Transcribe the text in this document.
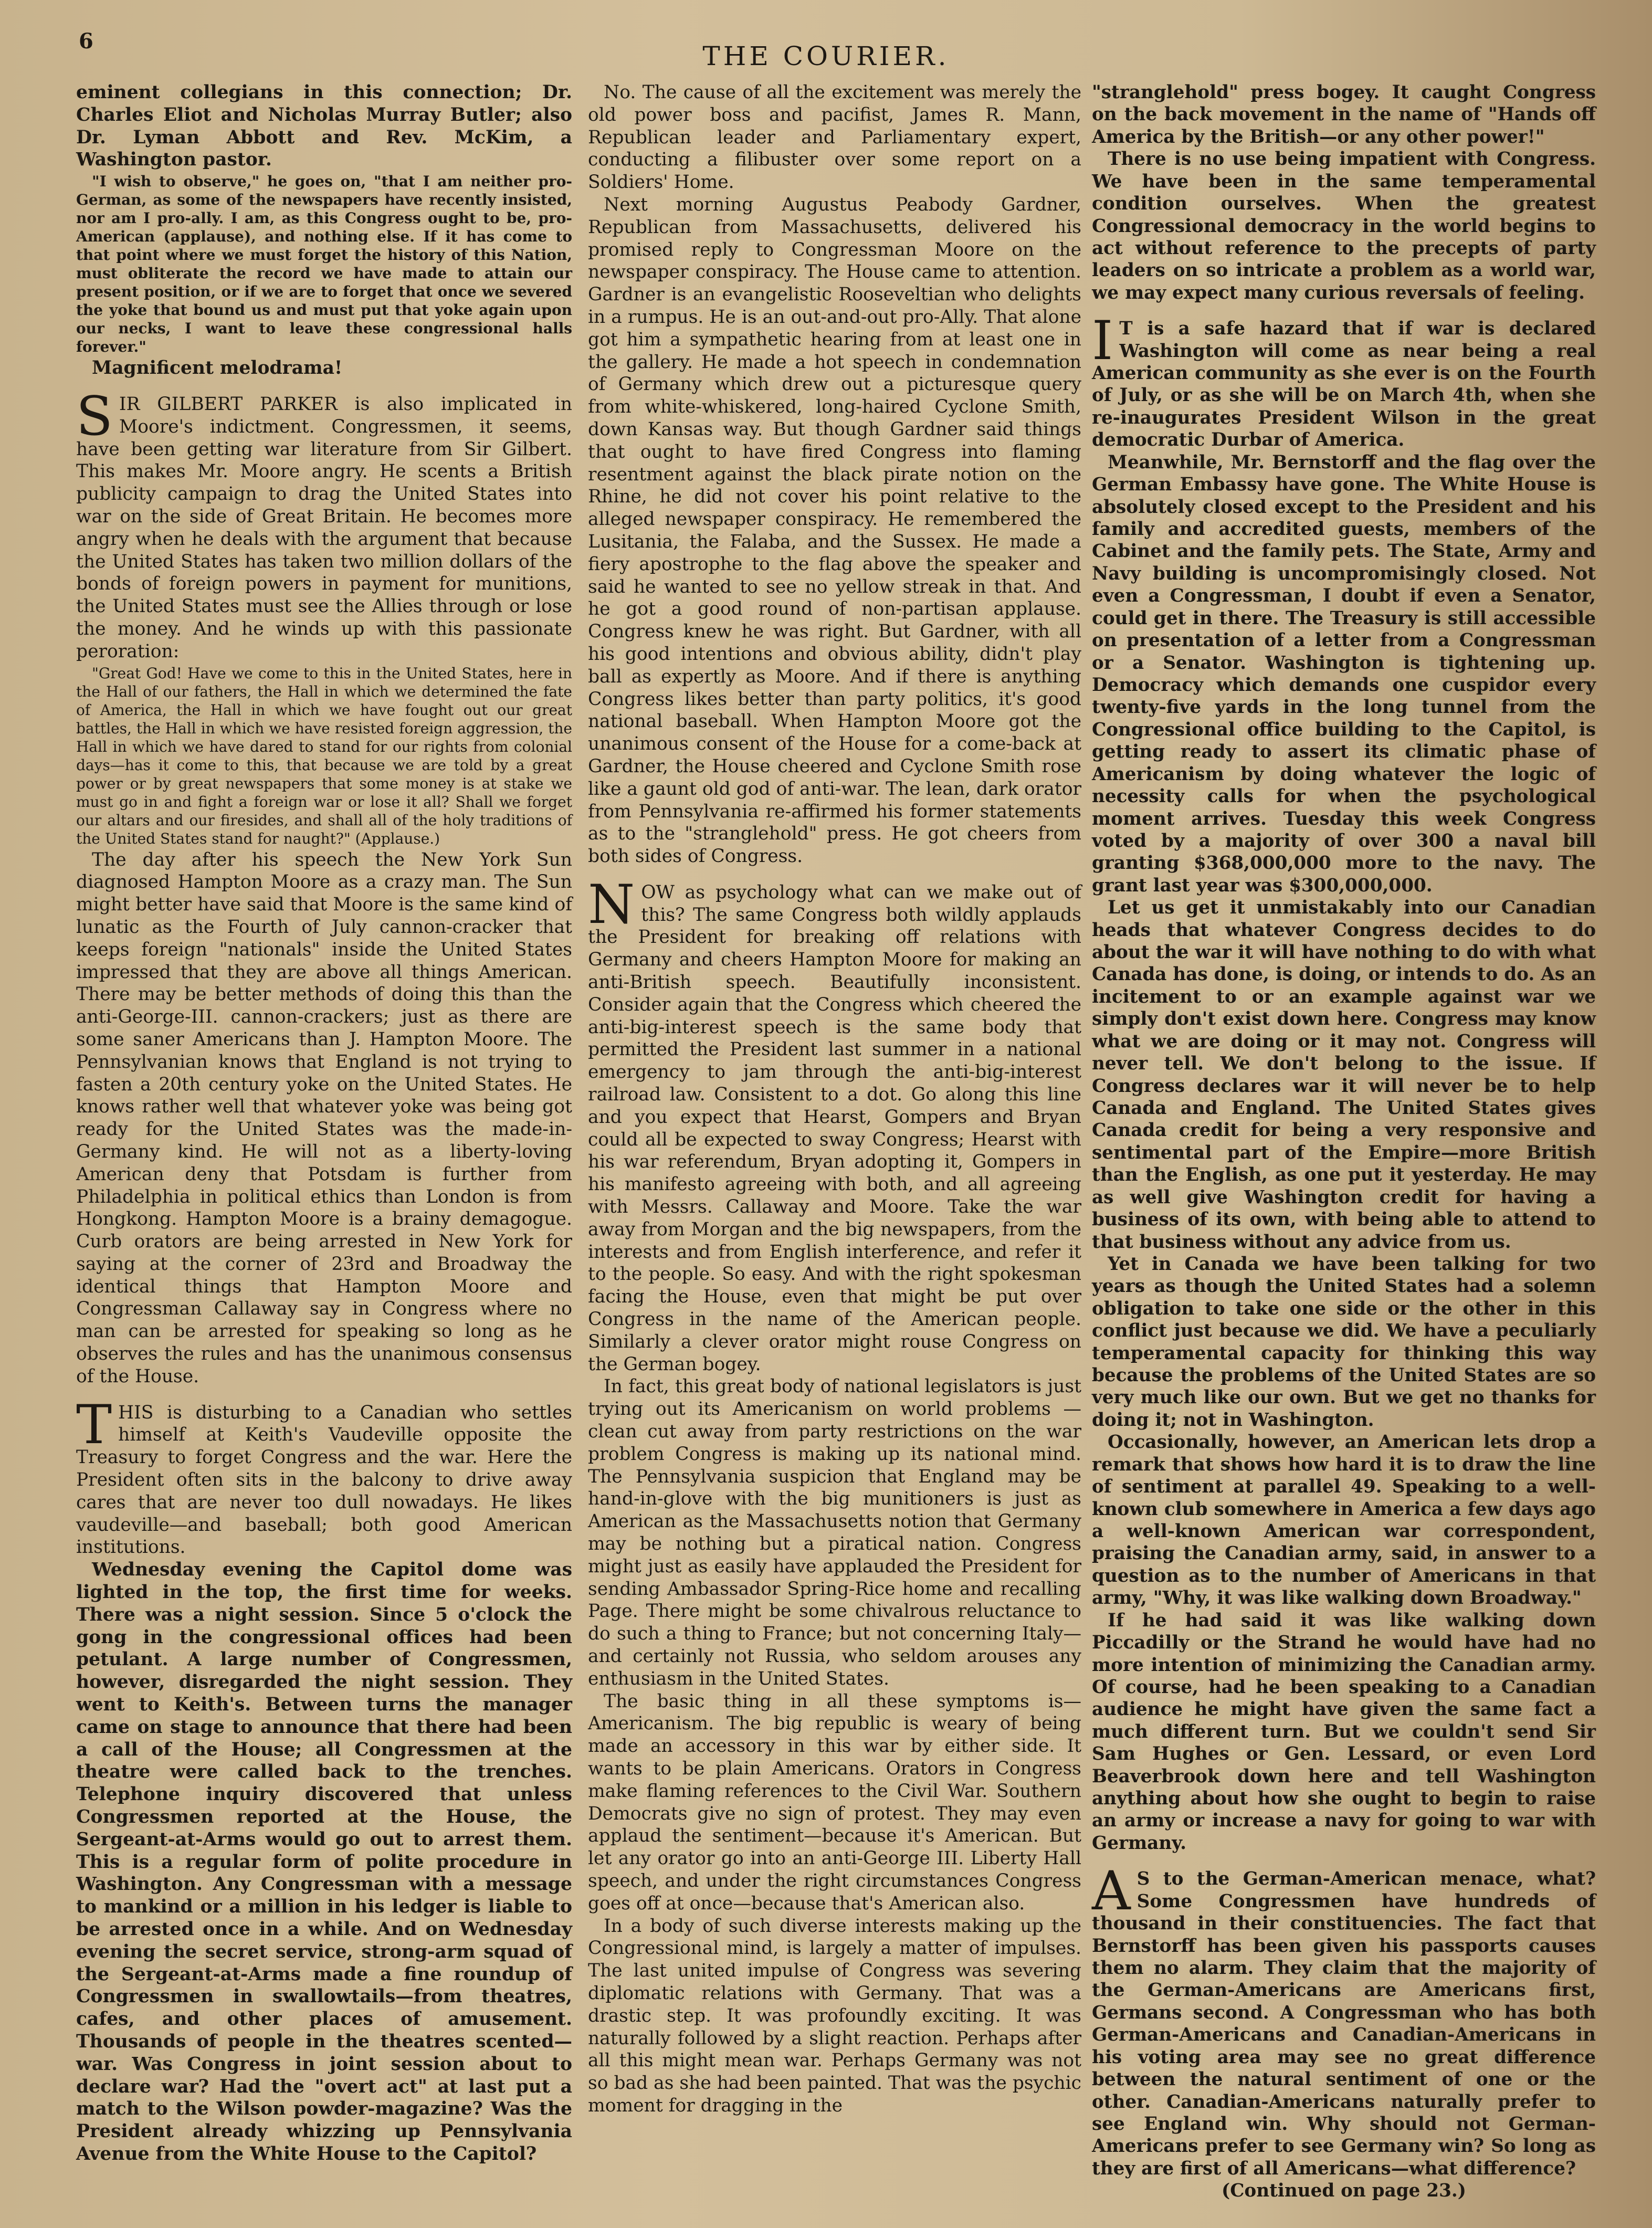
6	THE COURIER.

eminent collegians in this connection; Dr. Charles Eliot and Nicholas Murray Butler; also Dr. Lyman Abbott and Rev. McKim, a Washington pastor.

"I wish to observe," he goes on, "that I am neither pro-German, as some of the newspapers have recently insisted, nor am I pro-ally. I am, as this Congress ought to be, pro-American (applause), and nothing else. If it has come to that point where we must forget the history of this Nation, must obliterate the record we have made to attain our present position, or if we are to forget that once we severed the yoke that bound us and must put that yoke again upon our necks, I want to leave these congressional halls forever."

Magnificent melodrama!

SIR GILBERT PARKER is also implicated in Moore's indictment. Congressmen, it seems, have been getting war literature from Sir Gilbert. This makes Mr. Moore angry. He scents a British publicity campaign to drag the United States into war on the side of Great Britain. He becomes more angry when he deals with the argument that because the United States has taken two million dollars of the bonds of foreign powers in payment for munitions, the United States must see the Allies through or lose the money. And he winds up with this passionate peroration:

"Great God! Have we come to this in the United States, here in the Hall of our fathers, the Hall in which we determined the fate of America, the Hall in which we have fought out our great battles, the Hall in which we have resisted foreign aggression, the Hall in which we have dared to stand for our rights from colonial days—has it come to this, that because we are told by a great power or by great newspapers that some money is at stake we must go in and fight a foreign war or lose it all? Shall we forget our altars and our firesides, and shall all of the holy traditions of the United States stand for naught?" (Applause.)

The day after his speech the New York Sun diagnosed Hampton Moore as a crazy man. The Sun might better have said that Moore is the same kind of lunatic as the Fourth of July cannon-cracker that keeps foreign "nationals" inside the United States impressed that they are above all things American. There may be better methods of doing this than the anti-George-III. cannon-crackers; just as there are some saner Americans than J. Hampton Moore. The Pennsylvanian knows that England is not trying to fasten a 20th century yoke on the United States. He knows rather well that whatever yoke was being got ready for the United States was the made-in-Germany kind. He will not as a liberty-loving American deny that Potsdam is further from Philadelphia in political ethics than London is from Hongkong. Hampton Moore is a brainy demagogue. Curb orators are being arrested in New York for saying at the corner of 23rd and Broadway the identical things that Hampton Moore and Congressman Callaway say in Congress where no man can be arrested for speaking so long as he observes the rules and has the unanimous consensus of the House.

THIS is disturbing to a Canadian who settles himself at Keith's Vaudeville opposite the Treasury to forget Congress and the war. Here the President often sits in the balcony to drive away cares that are never too dull nowadays. He likes vaudeville—and baseball; both good American institutions.

Wednesday evening the Capitol dome was lighted in the top, the first time for weeks. There was a night session. Since 5 o'clock the gong in the congressional offices had been petulant. A large number of Congressmen, however, disregarded the night session. They went to Keith's. Between turns the manager came on stage to announce that there had been a call of the House; all Congressmen at the theatre were called back to the trenches. Telephone inquiry discovered that unless Congressmen reported at the House, the Sergeant-at-Arms would go out to arrest them. This is a regular form of polite procedure in Washington. Any Congressman with a message to mankind or a million in his ledger is liable to be arrested once in a while. And on Wednesday evening the secret service, strong-arm squad of the Sergeant-at-Arms made a fine roundup of Congressmen in swallowtails—from theatres, cafes, and other places of amusement. Thousands of people in the theatres scented—war. Was Congress in joint session about to declare war? Had the "overt act" at last put a match to the Wilson powder-magazine? Was the President already whizzing up Pennsylvania Avenue from the White House to the Capitol?

No. The cause of all the excitement was merely the old power boss and pacifist, James R. Mann, Republican leader and Parliamentary expert, conducting a filibuster over some report on a Soldiers' Home.

Next morning Augustus Peabody Gardner, Republican from Massachusetts, delivered his promised reply to Congressman Moore on the newspaper conspiracy. The House came to attention. Gardner is an evangelistic Rooseveltian who delights in a rumpus. He is an out-and-out pro-Ally. That alone got him a sympathetic hearing from at least one in the gallery. He made a hot speech in condemnation of Germany which drew out a picturesque query from white-whiskered, long-haired Cyclone Smith, down Kansas way. But though Gardner said things that ought to have fired Congress into flaming resentment against the black pirate notion on the Rhine, he did not cover his point relative to the alleged newspaper conspiracy. He remembered the Lusitania, the Falaba, and the Sussex. He made a fiery apostrophe to the flag above the speaker and said he wanted to see no yellow streak in that. And he got a good round of non-partisan applause. Congress knew he was right. But Gardner, with all his good intentions and obvious ability, didn't play ball as expertly as Moore. And if there is anything Congress likes better than party politics, it's good national baseball. When Hampton Moore got the unanimous consent of the House for a come-back at Gardner, the House cheered and Cyclone Smith rose like a gaunt old god of anti-war. The lean, dark orator from Pennsylvania re-affirmed his former statements as to the "stranglehold" press. He got cheers from both sides of Congress.

NOW as psychology what can we make out of this? The same Congress both wildly applauds the President for breaking off relations with Germany and cheers Hampton Moore for making an anti-British speech. Beautifully inconsistent. Consider again that the Congress which cheered the anti-big-interest speech is the same body that permitted the President last summer in a national emergency to jam through the anti-big-interest railroad law. Consistent to a dot. Go along this line and you expect that Hearst, Gompers and Bryan could all be expected to sway Congress; Hearst with his war referendum, Bryan adopting it, Gompers in his manifesto agreeing with both, and all agreeing with Messrs. Callaway and Moore. Take the war away from Morgan and the big newspapers, from the interests and from English interference, and refer it to the people. So easy. And with the right spokesman facing the House, even that might be put over Congress in the name of the American people. Similarly a clever orator might rouse Congress on the German bogey.

In fact, this great body of national legislators is just trying out its Americanism on world problems —clean cut away from party restrictions on the war problem Congress is making up its national mind. The Pennsylvania suspicion that England may be hand-in-glove with the big munitioners is just as American as the Massachusetts notion that Germany may be nothing but a piratical nation. Congress might just as easily have applauded the President for sending Ambassador Spring-Rice home and recalling Page. There might be some chivalrous reluctance to do such a thing to France; but not concerning Italy—and certainly not Russia, who seldom arouses any enthusiasm in the United States.

The basic thing in all these symptoms is—Americanism. The big republic is weary of being made an accessory in this war by either side. It wants to be plain Americans. Orators in Congress make flaming references to the Civil War. Southern Democrats give no sign of protest. They may even applaud the sentiment—because it's American. But let any orator go into an anti-George III. Liberty Hall speech, and under the right circumstances Congress goes off at once—because that's American also.

In a body of such diverse interests making up the Congressional mind, is largely a matter of impulses. The last united impulse of Congress was severing diplomatic relations with Germany. That was a drastic step. It was profoundly exciting. It was naturally followed by a slight reaction. Perhaps after all this might mean war. Perhaps Germany was not so bad as she had been painted. That was the psychic moment for dragging in the

"stranglehold" press bogey. It caught Congress on the back movement in the name of "Hands off America by the British—or any other power!"

There is no use being impatient with Congress. We have been in the same temperamental condition ourselves. When the greatest Congressional democracy in the world begins to act without reference to the precepts of party leaders on so intricate a problem as a world war, we may expect many curious reversals of feeling.

I T is a safe hazard that if war is declared Washington will come as near being a real American community as she ever is on the Fourth of July, or as she will be on March 4th, when she re-inaugurates President Wilson in the great democratic Durbar of America.

Meanwhile, Mr. Bernstorff and the flag over the German Embassy have gone. The White House is absolutely closed except to the President and his family and accredited guests, members of the Cabinet and the family pets. The State, Army and Navy building is uncompromisingly closed. Not even a Congressman, I doubt if even a Senator, could get in there. The Treasury is still accessible on presentation of a letter from a Congressman or a Senator. Washington is tightening up. Democracy which demands one cuspidor every twenty-five yards in the long tunnel from the Congressional office building to the Capitol, is getting ready to assert its climatic phase of Americanism by doing whatever the logic of necessity calls for when the psychological moment arrives. Tuesday this week Congress voted by a majority of over 300 a naval bill granting $368,000,000 more to the navy. The grant last year was $300,000,000.

Let us get it unmistakably into our Canadian heads that whatever Congress decides to do about the war it will have nothing to do with what Canada has done, is doing, or intends to do. As an incitement to or an example against war we simply don't exist down here. Congress may know what we are doing or it may not. Congress will never tell. We don't belong to the issue. If Congress declares war it will never be to help Canada and England. The United States gives Canada credit for being a very responsive and sentimental part of the Empire—more British than the English, as one put it yesterday. He may as well give Washington credit for having a business of its own, with being able to attend to that business without any advice from us.

Yet in Canada we have been talking for two years as though the United States had a solemn obligation to take one side or the other in this conflict just because we did. We have a peculiarly temperamental capacity for thinking this way because the problems of the United States are so very much like our own. But we get no thanks for doing it; not in Washington.

Occasionally, however, an American lets drop a remark that shows how hard it is to draw the line of sentiment at parallel 49. Speaking to a well-known club somewhere in America a few days ago a well-known American war correspondent, praising the Canadian army, said, in answer to a question as to the number of Americans in that army, "Why, it was like walking down Broadway."

If he had said it was like walking down Piccadilly or the Strand he would have had no more intention of minimizing the Canadian army. Of course, had he been speaking to a Canadian audience he might have given the same fact a much different turn. But we couldn't send Sir Sam Hughes or Gen. Lessard, or even Lord Beaverbrook down here and tell Washington anything about how she ought to begin to raise an army or increase a navy for going to war with Germany.

A S to the German-American menace, what? Some Congressmen have hundreds of thousand in their constituencies. The fact that Bernstorff has been given his passports causes them no alarm. They claim that the majority of the German-Americans are Americans first, Germans second. A Congressman who has both German-Americans and Canadian-Americans in his voting area may see no great difference between the natural sentiment of one or the other. Canadian-Americans naturally prefer to see England win. Why should not German-Americans prefer to see Germany win? So long as they are first of all Americans—what difference?

(Continued on page 23.)
